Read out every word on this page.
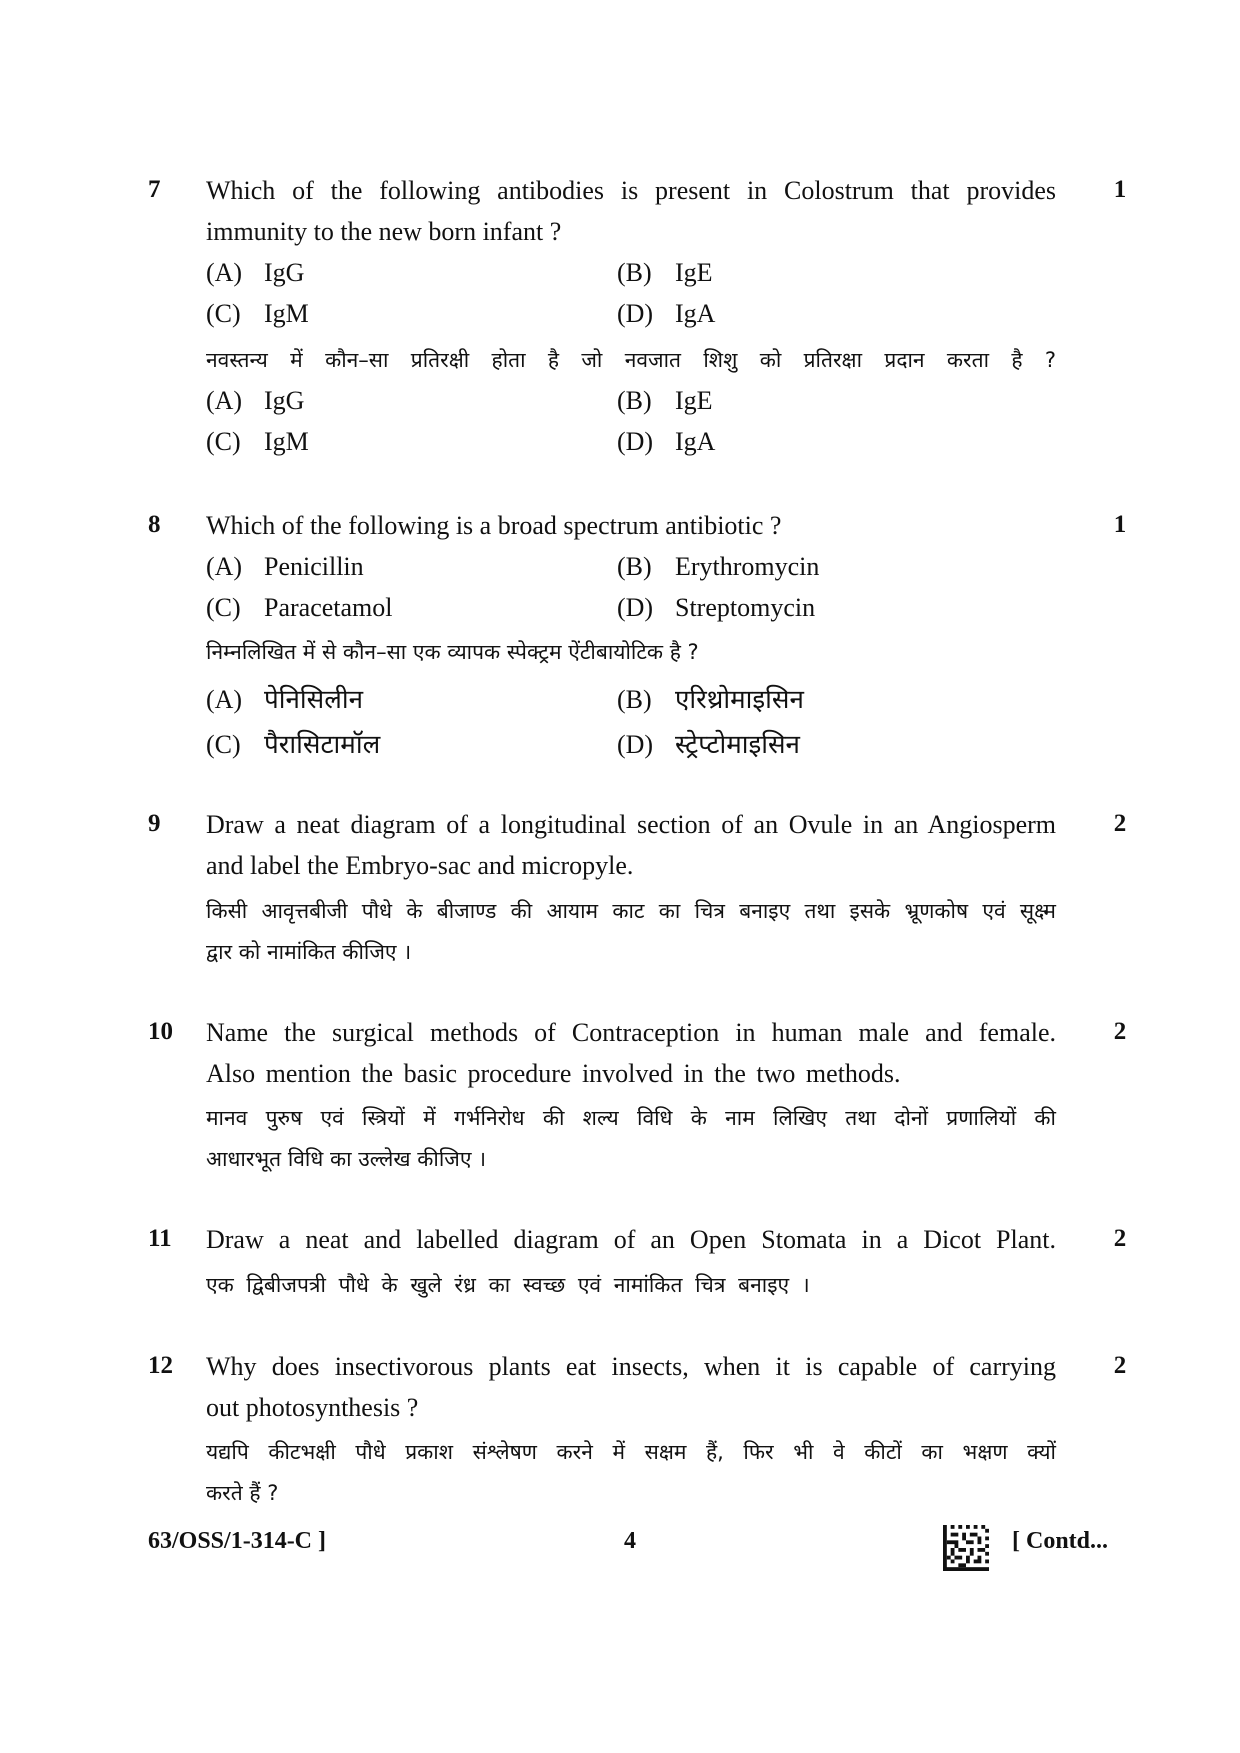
7	1
Which of the following antibodies is present in Colostrum that provides
immunity to the new born infant ?
(A) IgG	(B) IgE
(C) IgM	(D) IgA
नवस्तन्य में कौन–सा प्रतिरक्षी होता है जो नवजात शिशु को प्रतिरक्षा प्रदान करता है ?
(A) IgG	(B) IgE
(C) IgM	(D) IgA
8	1
Which of the following is a broad spectrum antibiotic ?
(A) Penicillin	(B) Erythromycin
(C) Paracetamol	(D) Streptomycin
निम्नलिखित में से कौन–सा एक व्यापक स्पेक्ट्रम ऐंटीबायोटिक है ?
(A) पेनिसिलीन	(B) एरिथ्रोमाइसिन
(C) पैरासिटामॉल	(D) स्ट्रेप्टोमाइसिन
9	2
Draw a neat diagram of a longitudinal section of an Ovule in an Angiosperm
and label the Embryo-sac and micropyle.
किसी आवृत्तबीजी पौधे के बीजाण्ड की आयाम काट का चित्र बनाइए तथा इसके भ्रूणकोष एवं सूक्ष्म
द्वार को नामांकित कीजिए ।
10	2
Name the surgical methods of Contraception in human male and female.
Also mention the basic procedure involved in the two methods.
मानव पुरुष एवं स्त्रियों में गर्भनिरोध की शल्य विधि के नाम लिखिए तथा दोनों प्रणालियों की
आधारभूत विधि का उल्लेख कीजिए ।
11	2
Draw a neat and labelled diagram of an Open Stomata in a Dicot Plant.
एक द्विबीजपत्री पौधे के खुले रंध्र का स्वच्छ एवं नामांकित चित्र बनाइए ।
12	2
Why does insectivorous plants eat insects, when it is capable of carrying
out photosynthesis ?
यद्यपि कीटभक्षी पौधे प्रकाश संश्लेषण करने में सक्षम हैं, फिर भी वे कीटों का भक्षण क्यों
करते हैं ?
63/OSS/1-314-C ]	4	[ Contd...
